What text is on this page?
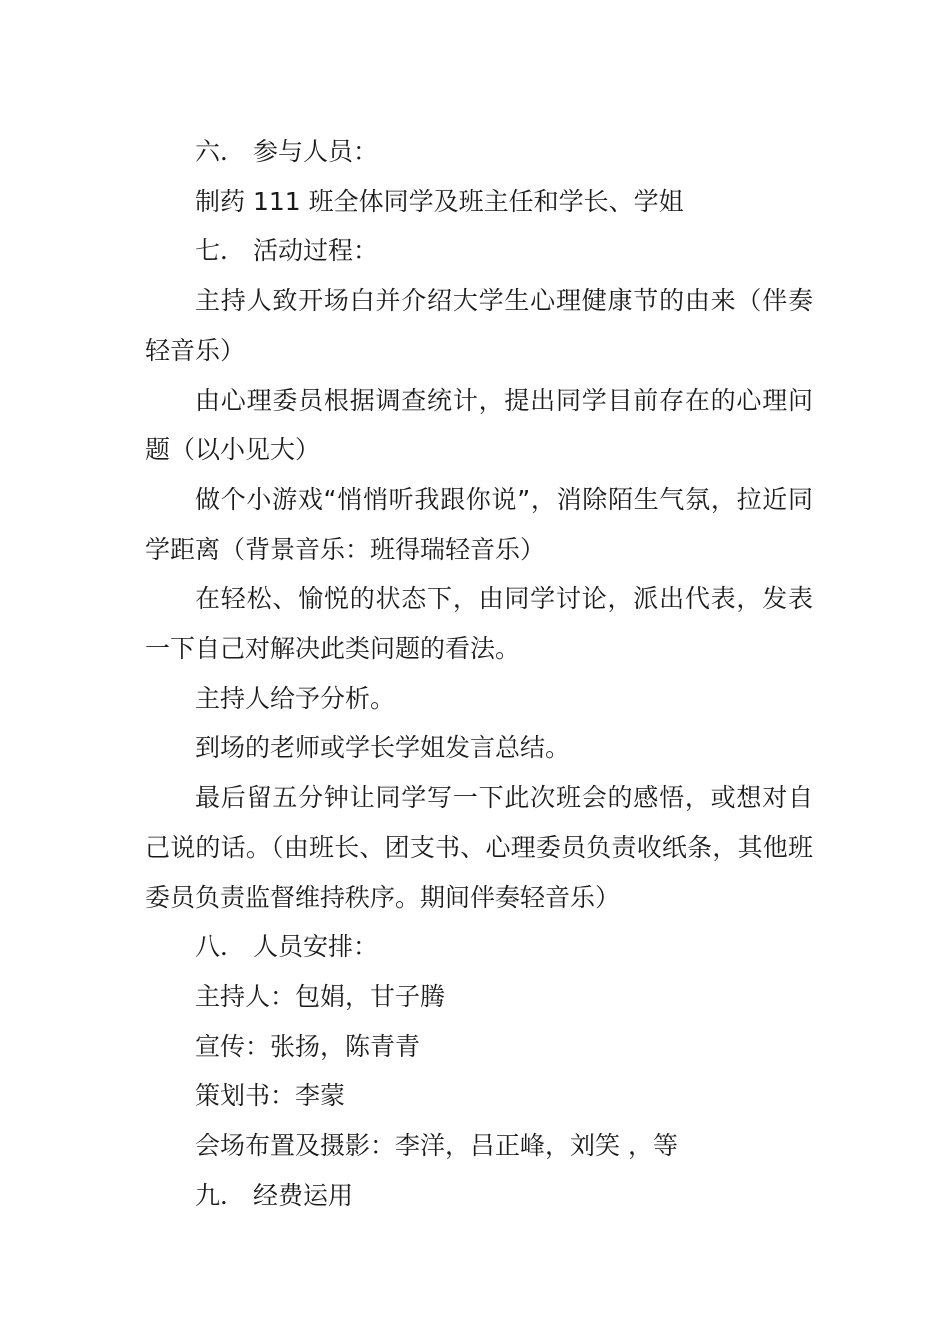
六． 参与人员：

制药 111 班全体同学及班主任和学长、学姐

七． 活动过程：

主持人致开场白并介绍大学生心理健康节的由来（伴奏轻音乐）

由心理委员根据调查统计，提出同学目前存在的心理问题（以小见大）

做个小游戏“悄悄听我跟你说”，消除陌生气氛，拉近同学距离（背景音乐：班得瑞轻音乐）

在轻松、愉悦的状态下，由同学讨论，派出代表，发表一下自己对解决此类问题的看法。

主持人给予分析。

到场的老师或学长学姐发言总结。

最后留五分钟让同学写一下此次班会的感悟，或想对自己说的话。（由班长、团支书、心理委员负责收纸条，其他班委员负责监督维持秩序。期间伴奏轻音乐）

八． 人员安排：

主持人：包娟，甘子腾

宣传：张扬，陈青青

策划书：李蒙

会场布置及摄影：李洋，吕正峰，刘笑 ，等

九． 经费运用
